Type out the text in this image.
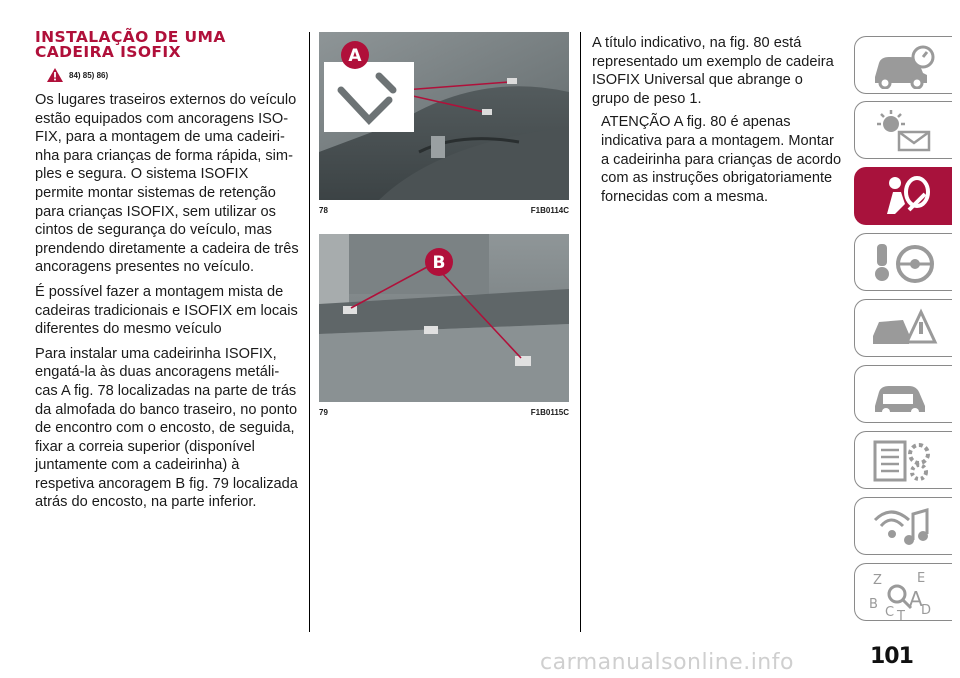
INSTALAÇÃO DE UMA
CADEIRA ISOFIX
84) 85) 86)

Os lugares traseiros externos do veículo estão equipados com ancoragens ISO-FIX, para a montagem de uma cadeiri-nha para crianças de forma rápida, sim-ples e segura. O sistema ISOFIX permite montar sistemas de retenção para crianças ISOFIX, sem utilizar os cintos de segurança do veículo, mas prendendo diretamente a cadeira de três ancoragens presentes no veículo.

É possível fazer a montagem mista de cadeiras tradicionais e ISOFIX em locais diferentes do mesmo veículo

Para instalar uma cadeirinha ISOFIX, engatá-la às duas ancoragens metáli-cas A fig. 78 localizadas na parte de trás da almofada do banco traseiro, no ponto de encontro com o encosto, de seguida, fixar a correia superior (disponível juntamente com a cadeirinha) à respetiva ancoragem B fig. 79 localizada atrás do encosto, na parte inferior.

A
78	F1B0114C
B
79	F1B0115C

A título indicativo, na fig. 80 está representado um exemplo de cadeira ISOFIX Universal que abrange o grupo de peso 1.

ATENÇÃO A fig. 80 é apenas indicativa para a montagem. Montar a cadeirinha para crianças de acordo com as instruções obrigatoriamente fornecidas com a mesma.

Z	E
B
C T D
A
carmanualsonline.info	101
